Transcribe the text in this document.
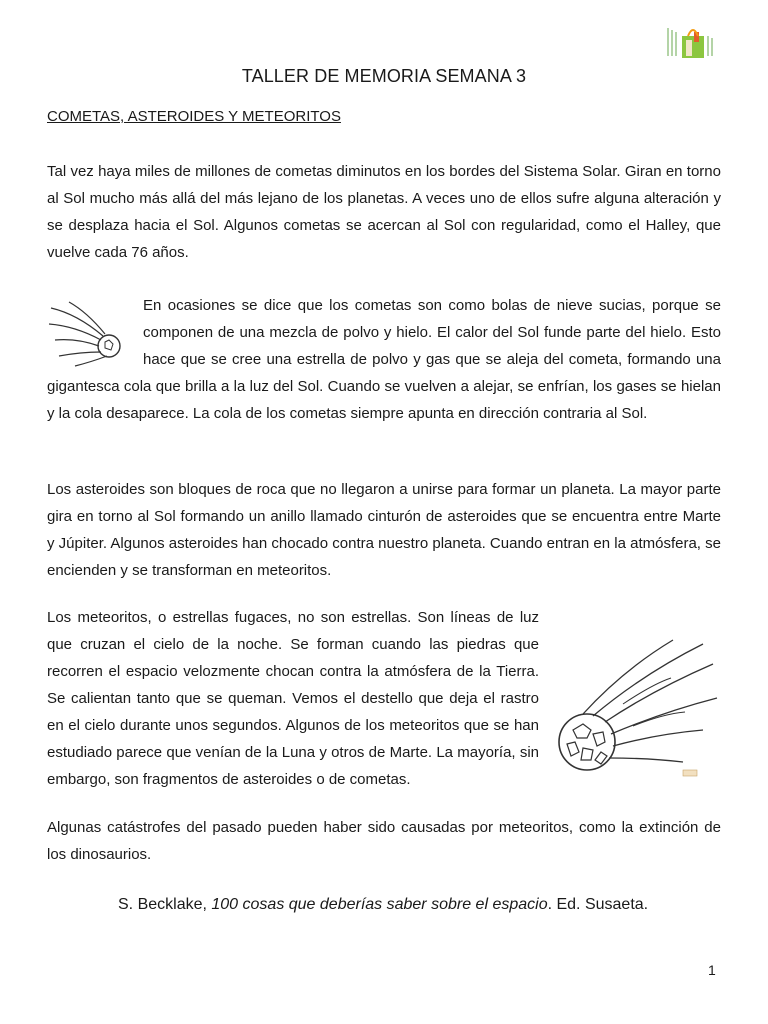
TALLER DE MEMORIA SEMANA 3
COMETAS, ASTEROIDES Y METEORITOS

Tal vez haya miles de millones de cometas diminutos en los bordes del Sistema Solar. Giran en torno al Sol mucho más allá del más lejano de los planetas. A veces uno de ellos sufre alguna alteración y se desplaza hacia el Sol. Algunos cometas se acercan al Sol con regularidad, como el Halley, que vuelve cada 76 años.

En ocasiones se dice que los cometas son como bolas de nieve sucias, porque se componen de una mezcla de polvo y hielo. El calor del Sol funde parte del hielo. Esto hace que se cree una estrella de polvo y gas que se aleja del cometa, formando una gigantesca cola que brilla a la luz del Sol. Cuando se vuelven a alejar, se enfrían, los gases se hielan y la cola desaparece. La cola de los cometas siempre apunta en dirección contraria al Sol.

Los asteroides son bloques de roca que no llegaron a unirse para formar un planeta. La mayor parte gira en torno al Sol formando un anillo llamado cinturón de asteroides que se encuentra entre Marte y Júpiter. Algunos asteroides han chocado contra nuestro planeta. Cuando entran en la atmósfera, se encienden y se transforman en meteoritos.

Los meteoritos, o estrellas fugaces, no son estrellas. Son líneas de luz que cruzan el cielo de la noche. Se forman cuando las piedras que recorren el espacio velozmente chocan contra la atmósfera de la Tierra. Se calientan tanto que se queman. Vemos el destello que deja el rastro en el cielo durante unos segundos. Algunos de los meteoritos que se han estudiado parece que venían de la Luna y otros de Marte. La mayoría, sin embargo, son fragmentos de asteroides o de cometas.

Algunas catástrofes del pasado pueden haber sido causadas por meteoritos, como la extinción de los dinosaurios.

S. Becklake, 100 cosas que deberías saber sobre el espacio. Ed. Susaeta.
1
